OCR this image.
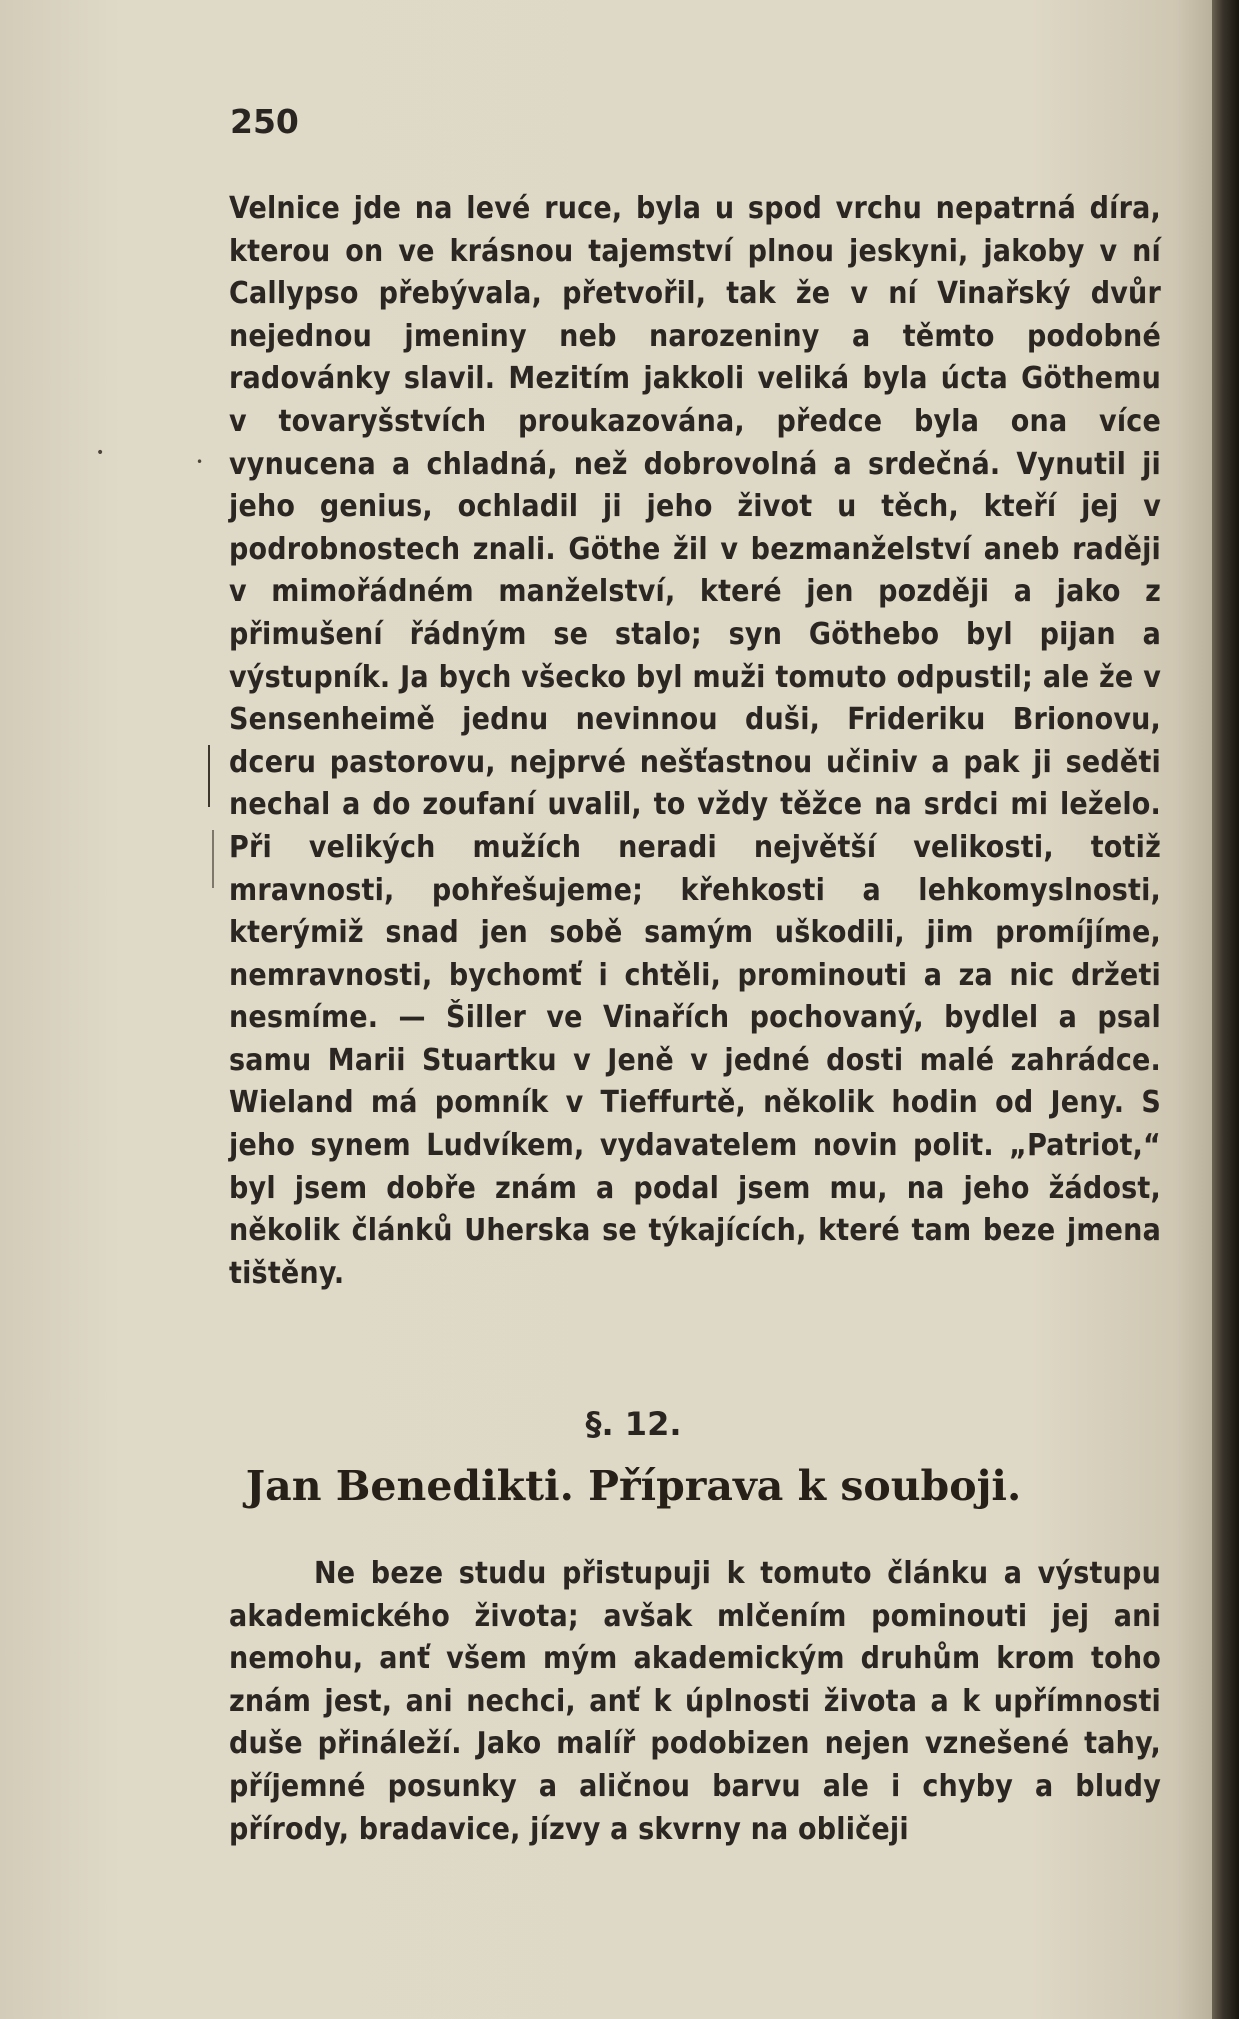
250

Velnice jde na levé ruce, byla u spod vrchu nepatrná díra, kterou on ve krásnou tajemství plnou jeskyni, jakoby v ní Callypso přebývala, přetvořil, tak že v ní Vinařský dvůr nejednou jmeniny neb narozeniny a těmto podobné radovánky slavil. Mezitím jakkoli veliká byla úcta Göthemu v tovaryšstvích proukazována, předce byla ona více vynucena a chladná, než dobrovolná a srdečná. Vynutil ji jeho genius, ochladil ji jeho život u těch, kteří jej v podrobnostech znali. Göthe žil v bezmanželství aneb raději v mimořádném manželství, které jen později a jako z přimušení řádným se stalo; syn Göthebo byl pijan a výstupník. Ja bych všecko byl muži tomuto odpustil; ale že v Sensenheimě jednu nevinnou duši, Frideriku Brionovu, dceru pastorovu, nejprvé nešťastnou učiniv a pak ji seděti nechal a do zoufaní uvalil, to vždy těžce na srdci mi leželo. Při velikých mužích neradi největší velikosti, totiž mravnosti, pohřešujeme; křehkosti a lehkomyslnosti, kterýmiž snad jen sobě samým uškodili, jim promíjíme, nemravnosti, bychomť i chtěli, prominouti a za nic držeti nesmíme. — Šiller ve Vinařích pochovaný, bydlel a psal samu Marii Stuartku v Jeně v jedné dosti malé zahrádce. Wieland má pomník v Tieffurtě, několik hodin od Jeny. S jeho synem Ludvíkem, vydavatelem novin polit. „Patriot,“ byl jsem dobře znám a podal jsem mu, na jeho žádost, několik článků Uherska se týkajících, které tam beze jmena tištěny.

§. 12.
Jan Benedikti. Příprava k souboji.

Ne beze studu přistupuji k tomuto článku a výstupu akademického života; avšak mlčením pominouti jej ani nemohu, anť všem mým akademickým druhům krom toho znám jest, ani nechci, anť k úplnosti života a k upřímnosti duše přináleží. Jako malíř podobizen nejen vznešené tahy, příjemné posunky a aličnou barvu ale i chyby a bludy přírody, bradavice, jízvy a skvrny na obličeji

•
•
